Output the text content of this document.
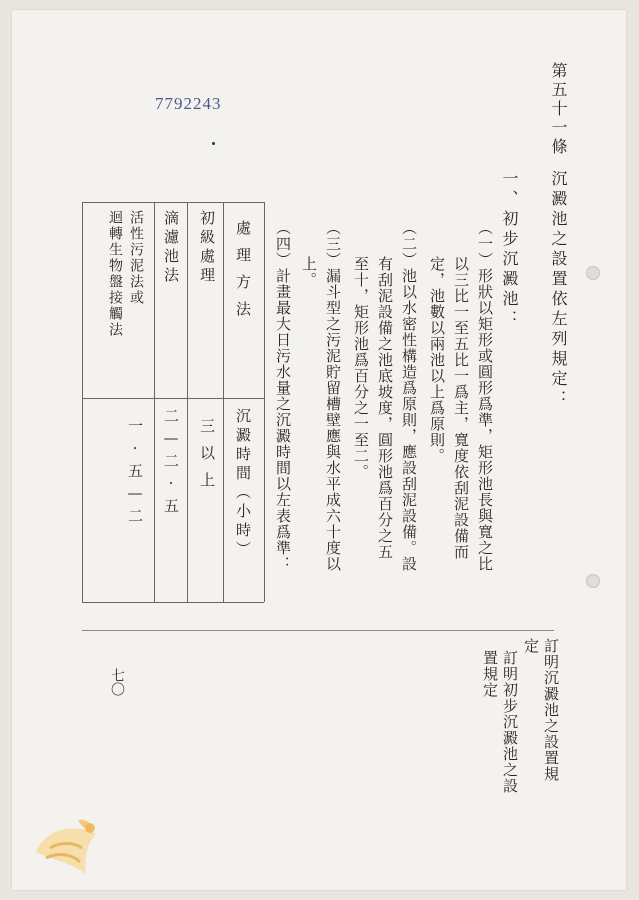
7792243	第五十一條
沉澱池之設置依左列規定：
一、初步沉澱池：
（一）形狀以矩形或圓形爲準，矩形池長與寬之比
以三比一至五比一爲主，寬度依刮泥設備而
定，池數以兩池以上爲原則。
（二）池以水密性構造爲原則，應設刮泥設備。設
有刮泥設備之池底坡度，圓形池爲百分之五
至十，矩形池爲百分之一至二。
（三）漏斗型之污泥貯留槽壁應與水平成六十度以
上。
（四）計畫最大日污水量之沉澱時間以左表爲準：
處理方法
沉澱時間（小時）
初級處理
三以上
滴濾池法
二—二·五
活性污泥法或
迴轉生物盤接觸法
一·五—二
訂明沉澱池之設置規
定
訂明初步沉澱池之設
置規定
七〇
